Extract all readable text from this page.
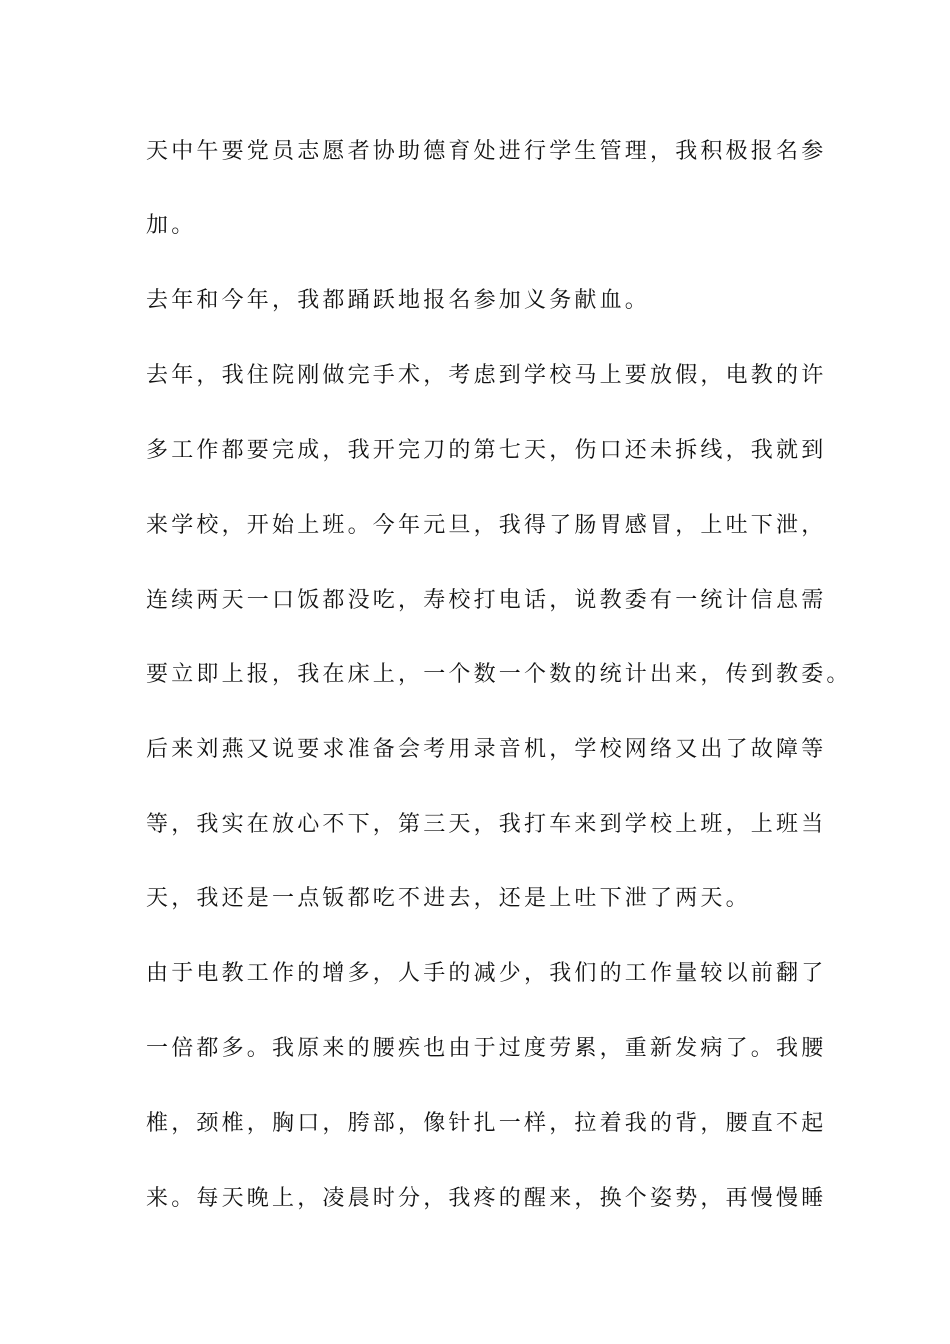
天中午要党员志愿者协助德育处进行学生管理，我积极报名参

加。

去年和今年，我都踊跃地报名参加义务献血。

去年，我住院刚做完手术，考虑到学校马上要放假，电教的许

多工作都要完成，我开完刀的第七天，伤口还未拆线，我就到

来学校，开始上班。今年元旦，我得了肠胃感冒，上吐下泄，

连续两天一口饭都没吃，寿校打电话，说教委有一统计信息需

要立即上报，我在床上，一个数一个数的统计出来，传到教委。

后来刘燕又说要求准备会考用录音机，学校网络又出了故障等

等，我实在放心不下，第三天，我打车来到学校上班，上班当

天，我还是一点钣都吃不进去，还是上吐下泄了两天。

由于电教工作的增多，人手的减少，我们的工作量较以前翻了

一倍都多。我原来的腰疾也由于过度劳累，重新发病了。我腰

椎，颈椎，胸口，胯部，像针扎一样，拉着我的背，腰直不起

来。每天晚上，凌晨时分，我疼的醒来，换个姿势，再慢慢睡
